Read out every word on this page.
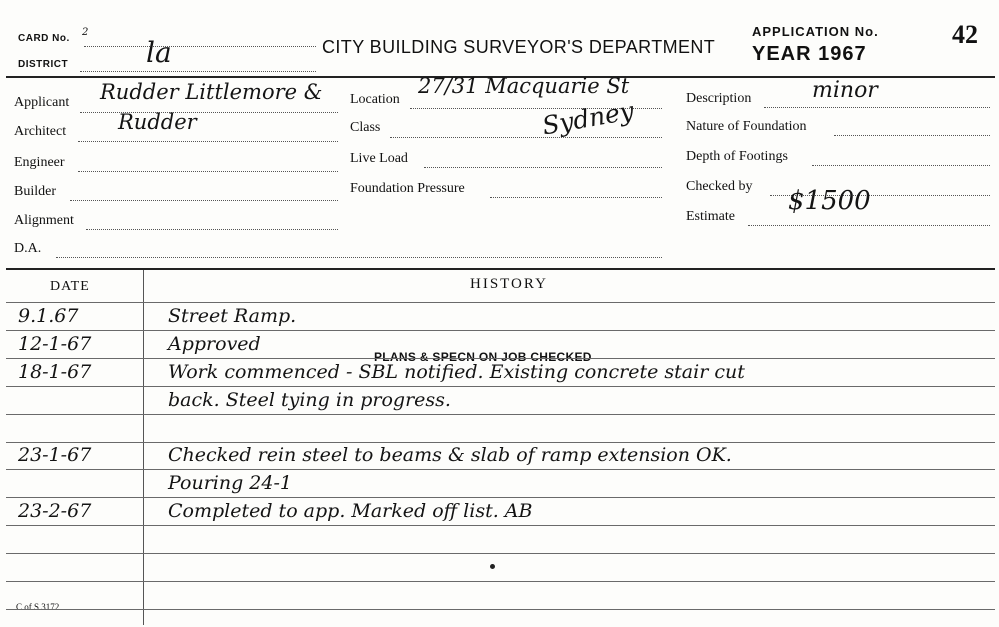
CARD No.
2
DISTRICT	la	CITY BUILDING SURVEYOR'S DEPARTMENT
APPLICATION No.
YEAR 1967
42
Applicant Rudder Littlemore &
Architect Rudder
Engineer
Builder
Alignment
D.A.
Location
27/31 Macquarie St
Class	Sydney
Live Load
Foundation Pressure
Description	minor
Nature of Foundation
Depth of Footings
Checked by
Estimate
$1500
DATE	HISTORY
PLANS & SPECN ON JOB CHECKED
C of S 3172
9.1.67	Street Ramp.
12-1-67	Approved
18-1-67	Work commenced - SBL notified. Existing concrete stair cut
back. Steel tying in progress.
23-1-67	Checked rein steel to beams & slab of ramp extension OK.
Pouring 24-1
23-2-67	Completed to app. Marked off list. AB
